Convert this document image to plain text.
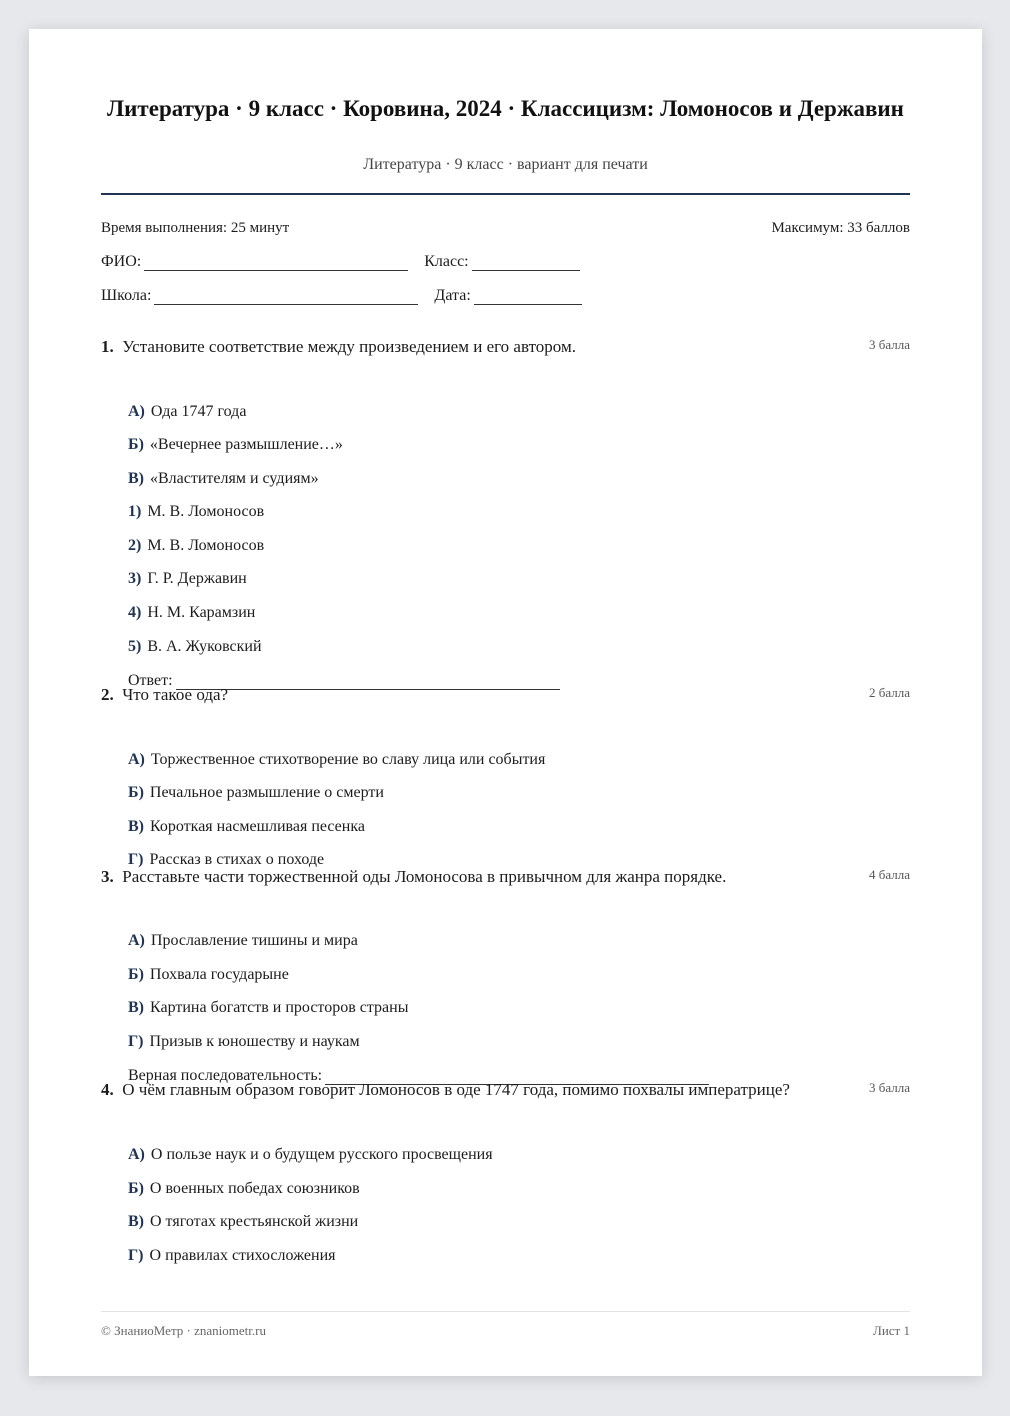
Литература · 9 класс · Коровина, 2024 · Классицизм: Ломоносов и Державин
Литература · 9 класс · вариант для печати
Время выполнения: 25 минут	Максимум: 33 баллов
ФИО:	Класс:
Школа:	Дата:
1. Установите соответствие между произведением и его автором.	3 балла
А) Ода 1747 года
Б) «Вечернее размышление…»
В) «Властителям и судиям»
1) М. В. Ломоносов
2) М. В. Ломоносов
3) Г. Р. Державин
4) Н. М. Карамзин
5) В. А. Жуковский
Ответ:
2. Что такое ода?	2 балла
А) Торжественное стихотворение во славу лица или события
Б) Печальное размышление о смерти
В) Короткая насмешливая песенка
Г) Рассказ в стихах о походе
3. Расставьте части торжественной оды Ломоносова в привычном для жанра порядке.	4 балла
А) Прославление тишины и мира
Б) Похвала государыне
В) Картина богатств и просторов страны
Г) Призыв к юношеству и наукам
Верная последовательность:
4. О чём главным образом говорит Ломоносов в оде 1747 года, помимо похвалы императрице?	3 балла
А) О пользе наук и о будущем русского просвещения
Б) О военных победах союзников
В) О тяготах крестьянской жизни
Г) О правилах стихосложения
© ЗнаниоМетр · znaniometr.ru	Лист 1
